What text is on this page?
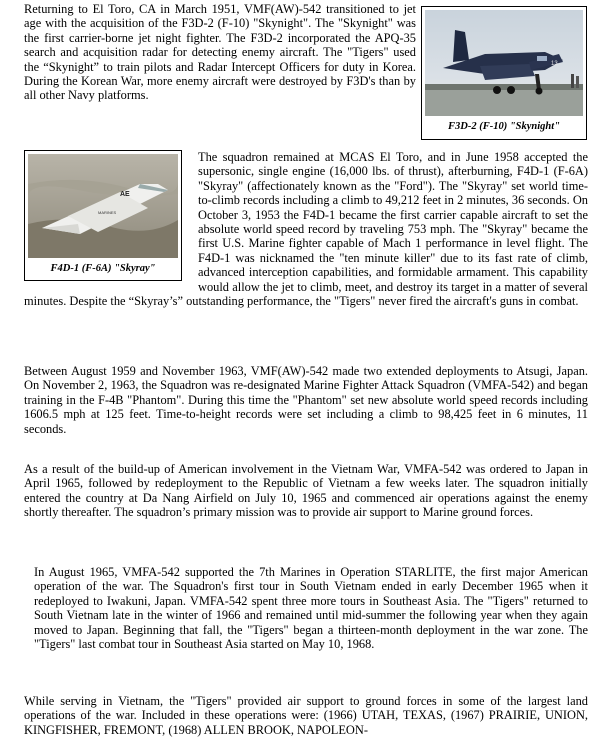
Returning to El Toro, CA in March 1951, VMF(AW)-542 transitioned to jet age with the acquisition of the F3D-2 (F-10) "Skynight". The "Skynight" was the first carrier-borne jet night fighter. The F3D-2 incorporated the APQ-35 search and acquisition radar for detecting enemy aircraft. The "Tigers" used the “Skynight” to train pilots and Radar Intercept Officers for duty in Korea. During the Korean War, more enemy aircraft were destroyed by F3D's than by all other Navy platforms.

13
F3D-2 (F-10) "Skynight"

The squadron remained at MCAS El Toro, and in June 1958 accepted the supersonic, single engine (16,000 lbs. of thrust), afterburning, F4D-1 (F-6A) "Skyray" (affectionately known as the "Ford"). The "Skyray" set world time-to-climb records including a climb to 49,212 feet in 2 minutes, 36 seconds. On October 3, 1953 the F4D-1 became the first carrier capable aircraft to set the absolute world speed record by traveling 753 mph. The "Skyray" became the first U.S. Marine fighter capable of Mach 1 performance in level flight. The F4D-1 was nicknamed the "ten minute killer" due to its fast rate of climb, advanced interception capabilities, and formidable armament. This capability would allow the jet to climb, meet, and destroy its target in a matter of several minutes. Despite the “Skyray’s” outstanding performance, the "Tigers" never fired the aircraft's guns in combat.

AE
MARINES
F4D-1 (F-6A) "Skyray"

Between August 1959 and November 1963, VMF(AW)-542 made two extended deployments to Atsugi, Japan. On November 2, 1963, the Squadron was re-designated Marine Fighter Attack Squadron (VMFA-542) and began training in the F-4B "Phantom". During this time the "Phantom" set new absolute world speed records including 1606.5 mph at 125 feet. Time-to-height records were set including a climb to 98,425 feet in 6 minutes, 11 seconds.

As a result of the build-up of American involvement in the Vietnam War, VMFA-542 was ordered to Japan in April 1965, followed by redeployment to the Republic of Vietnam a few weeks later. The squadron initially entered the country at Da Nang Airfield on July 10, 1965 and commenced air operations against the enemy shortly thereafter. The squadron’s primary mission was to provide air support to Marine ground forces.

In August 1965, VMFA-542 supported the 7th Marines in Operation STARLITE, the first major American operation of the war. The Squadron's first tour in South Vietnam ended in early December 1965 when it redeployed to Iwakuni, Japan. VMFA-542 spent three more tours in Southeast Asia. The "Tigers" returned to South Vietnam late in the winter of 1966 and remained until mid-summer the following year when they again moved to Japan. Beginning that fall, the "Tigers" began a thirteen-month deployment in the war zone. The "Tigers" last combat tour in Southeast Asia started on May 10, 1968.

While serving in Vietnam, the "Tigers" provided air support to ground forces in some of the largest land operations of the war. Included in these operations were: (1966) UTAH, TEXAS, (1967) PRAIRIE, UNION, KINGFISHER, FREMONT, (1968) ALLEN BROOK, NAPOLEON-
